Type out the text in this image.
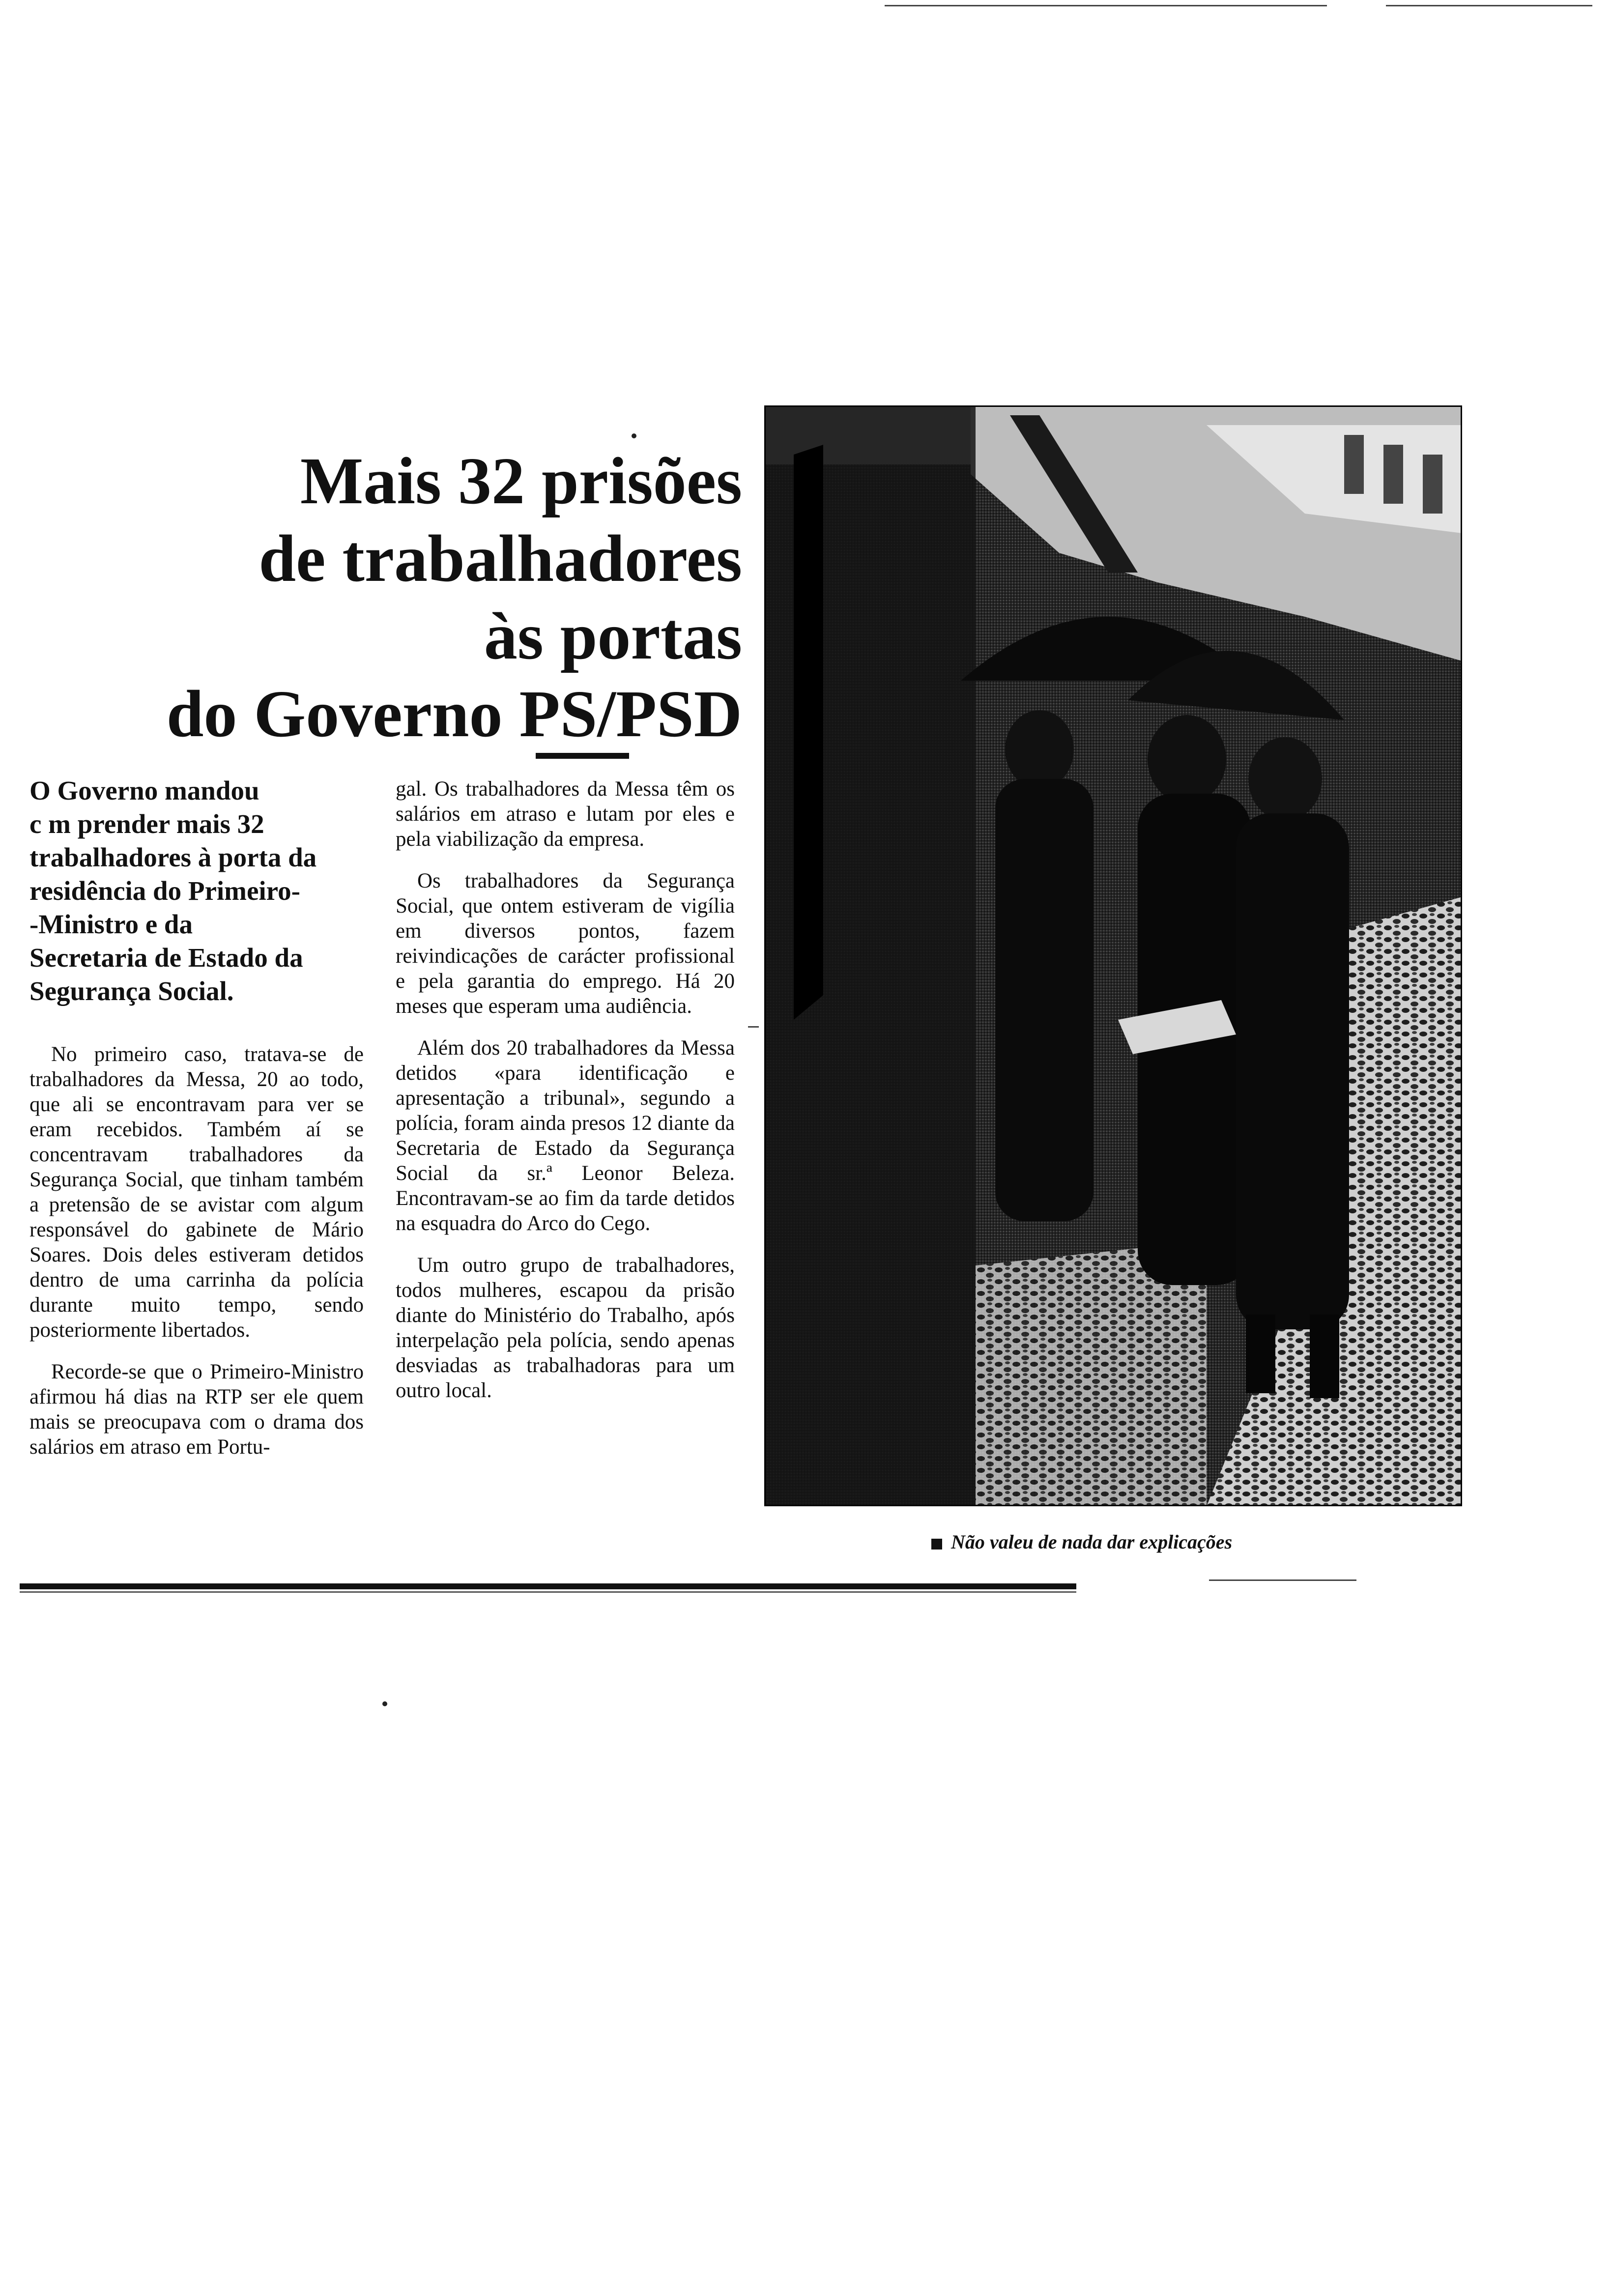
Mais 32 prisões
de trabalhadores
às portas
do Governo PS/PSD
O Governo mandou
c m prender mais 32
trabalhadores à porta da
residência do Primeiro-
-Ministro e da
Secretaria de Estado da
Segurança Social.

No primeiro caso, tratava-se de trabalhadores da Messa, 20 ao todo, que ali se encontravam para ver se eram recebidos. Também aí se concentravam trabalhadores da Segurança Social, que tinham também a pretensão de se avistar com algum responsável do gabinete de Mário Soares. Dois deles estiveram detidos dentro de uma carrinha da polícia durante muito tempo, sendo posteriormente libertados.

Recorde-se que o Primeiro-Ministro afirmou há dias na RTP ser ele quem mais se preocupava com o drama dos salários em atraso em Portu-

gal. Os trabalhadores da Messa têm os salários em atraso e lutam por eles e pela viabilização da empresa.

Os trabalhadores da Segurança Social, que ontem estiveram de vigília em diversos pontos, fazem reivindicações de carácter profissional e pela garantia do emprego. Há 20 meses que esperam uma audiência.

Além dos 20 trabalhadores da Messa detidos «para identificação e apresentação a tribunal», segundo a polícia, foram ainda presos 12 diante da Secretaria de Estado da Segurança Social da sr.ª Leonor Beleza. Encontravam-se ao fim da tarde detidos na esquadra do Arco do Cego.

Um outro grupo de trabalhadores, todos mulheres, escapou da prisão diante do Ministério do Trabalho, após interpelação pela polícia, sendo apenas desviadas as trabalhadoras para um outro local.

Não valeu de nada dar explicações
